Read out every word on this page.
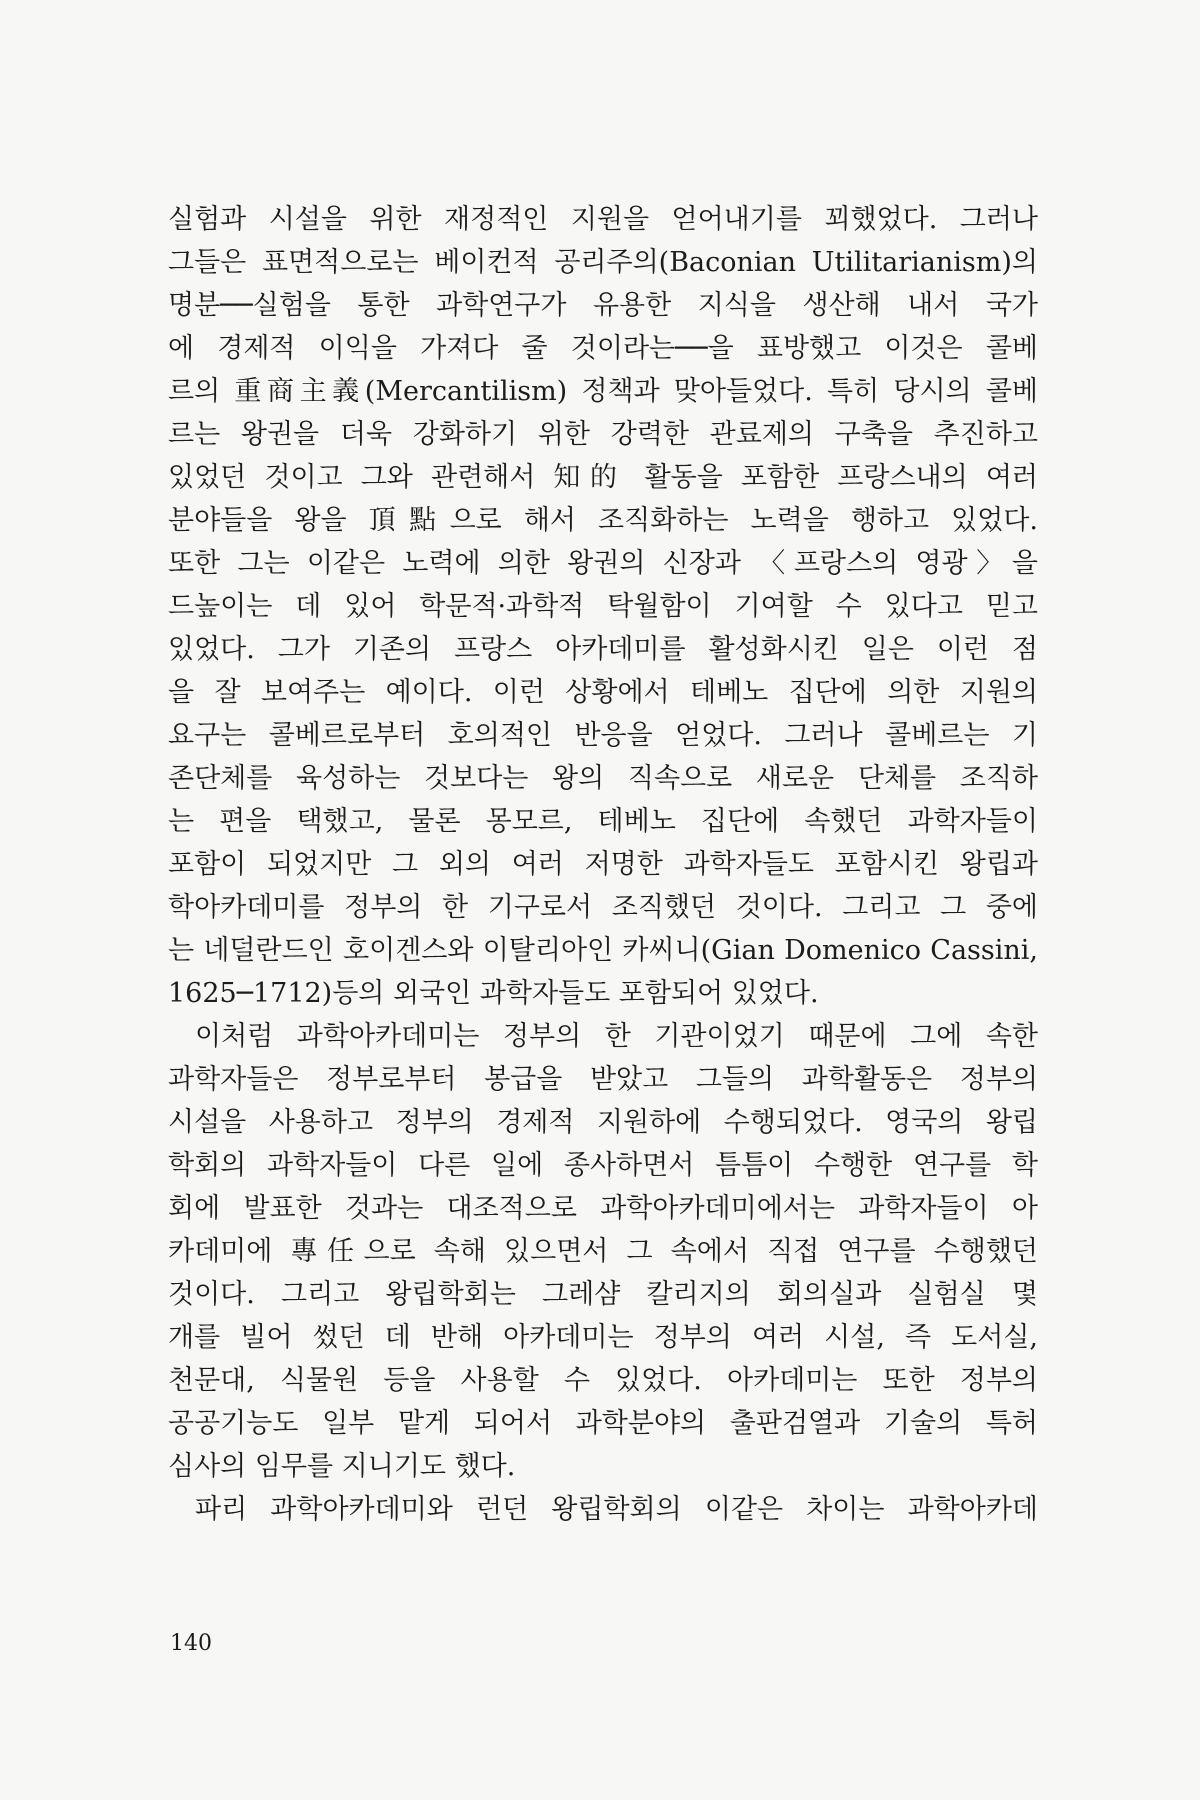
실험과 시설을 위한 재정적인 지원을 얻어내기를 꾀했었다. 그러나
그들은 표면적으로는 베이컨적 공리주의(Baconian Utilitarianism)의
명분──실험을 통한 과학연구가 유용한 지식을 생산해 내서 국가
에 경제적 이익을 가져다 줄 것이라는──을 표방했고 이것은 콜베
르의 重商主義(Mercantilism) 정책과 맞아들었다. 특히 당시의 콜베
르는 왕권을 더욱 강화하기 위한 강력한 관료제의 구축을 추진하고
있었던 것이고 그와 관련해서 知的 활동을 포함한 프랑스내의 여러
분야들을 왕을 頂點으로 해서 조직화하는 노력을 행하고 있었다.
또한 그는 이같은 노력에 의한 왕권의 신장과 〈프랑스의 영광〉을
드높이는 데 있어 학문적·과학적 탁월함이 기여할 수 있다고 믿고
있었다. 그가 기존의 프랑스 아카데미를 활성화시킨 일은 이런 점
을 잘 보여주는 예이다. 이런 상황에서 테베노 집단에 의한 지원의
요구는 콜베르로부터 호의적인 반응을 얻었다. 그러나 콜베르는 기
존단체를 육성하는 것보다는 왕의 직속으로 새로운 단체를 조직하
는 편을 택했고, 물론 몽모르, 테베노 집단에 속했던 과학자들이
포함이 되었지만 그 외의 여러 저명한 과학자들도 포함시킨 왕립과
학아카데미를 정부의 한 기구로서 조직했던 것이다. 그리고 그 중에
는 네덜란드인 호이겐스와 이탈리아인 카씨니(Gian Domenico Cassini,
1625─1712)등의 외국인 과학자들도 포함되어 있었다.
이처럼 과학아카데미는 정부의 한 기관이었기 때문에 그에 속한
과학자들은 정부로부터 봉급을 받았고 그들의 과학활동은 정부의
시설을 사용하고 정부의 경제적 지원하에 수행되었다. 영국의 왕립
학회의 과학자들이 다른 일에 종사하면서 틈틈이 수행한 연구를 학
회에 발표한 것과는 대조적으로 과학아카데미에서는 과학자들이 아
카데미에 專任으로 속해 있으면서 그 속에서 직접 연구를 수행했던
것이다. 그리고 왕립학회는 그레샴 칼리지의 회의실과 실험실 몇
개를 빌어 썼던 데 반해 아카데미는 정부의 여러 시설, 즉 도서실,
천문대, 식물원 등을 사용할 수 있었다. 아카데미는 또한 정부의
공공기능도 일부 맡게 되어서 과학분야의 출판검열과 기술의 특허
심사의 임무를 지니기도 했다.
파리 과학아카데미와 런던 왕립학회의 이같은 차이는 과학아카데
140
